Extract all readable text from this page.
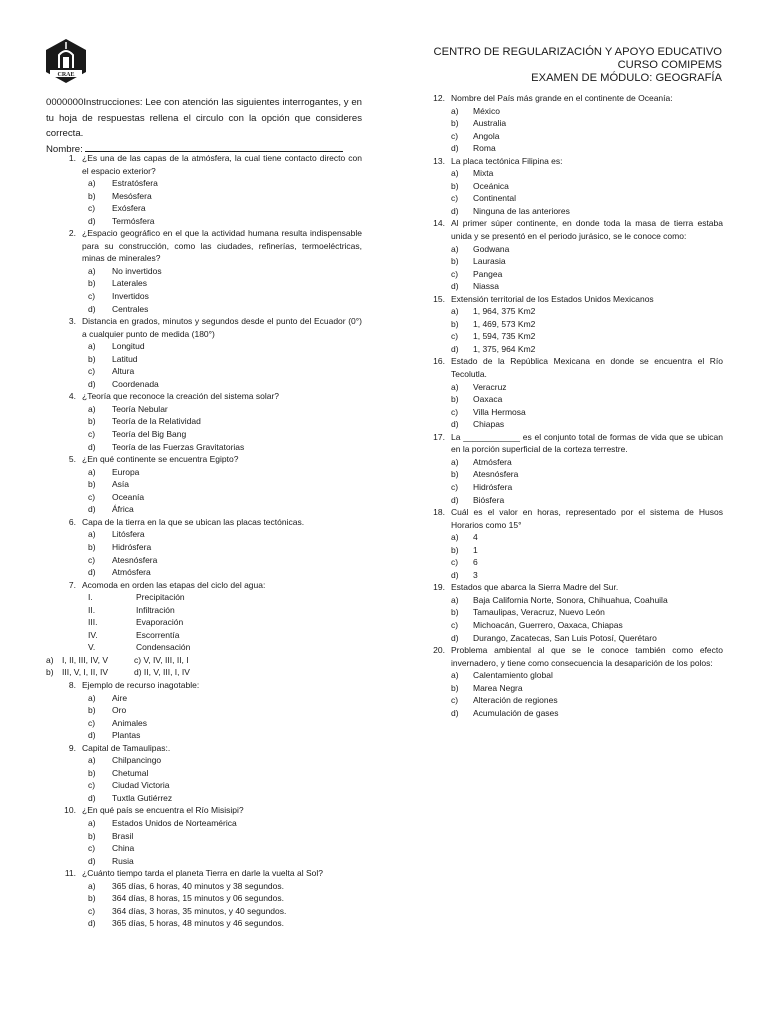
CRAE
CENTRO DE REGULARIZACIÓN Y APOYO EDUCATIVO
CURSO COMIPEMS
EXAMEN DE MÓDULO: GEOGRAFÍA
0000000Instrucciones: Lee con atención las siguientes interrogantes, y en tu hoja de respuestas rellena el circulo con la opción que consideres correcta.
Nombre:
1. ¿Es una de las capas de la atmósfera, la cual tiene contacto directo con el espacio exterior?
a)	Estratósfera
b)	Mesósfera
c)	Exósfera
d)	Termósfera
2. ¿Espacio geográfico en el que la actividad humana resulta indispensable para su construcción, como las ciudades, refinerías, termoeléctricas, minas de minerales?
a)	No invertidos
b)	Laterales
c)	Invertidos
d)	Centrales
3. Distancia en grados, minutos y segundos desde el punto del Ecuador (0°) a cualquier punto de medida (180°)
a)	Longitud
b)	Latitud
c)	Altura
d)	Coordenada
4. ¿Teoría que reconoce la creación del sistema solar?
a)	Teoría Nebular
b)	Teoría de la Relatividad
c)	Teoría del Big Bang
d)	Teoría de las Fuerzas Gravitatorias
5. ¿En qué continente se encuentra Egipto?
a)	Europa
b)	Asía
c)	Oceanía
d)	África
6. Capa de la tierra en la que se ubican las placas tectónicas.
a)	Litósfera
b)	Hidrósfera
c)	Atesnósfera
d)	Atmósfera
7. Acomoda en orden las etapas del ciclo del agua:
I.	Precipitación
II.	Infiltración
III.	Evaporación
IV.	Escorrentía
V.	Condensación
a) I, II, III, IV, V	c) V, IV, III, II, I
b) III, V, I, II, IV	d) II, V, III, I, IV
8. Ejemplo de recurso inagotable:
a)	Aire
b)	Oro
c)	Animales
d)	Plantas
9. Capital de Tamaulipas:.
a)	Chilpancingo
b)	Chetumal
c)	Ciudad Victoria
d)	Tuxtla Gutiérrez
10. ¿En qué país se encuentra el Río Misisipi?
a)	Estados Unidos de Norteamérica
b)	Brasil
c)	China
d)	Rusia
11. ¿Cuánto tiempo tarda el planeta Tierra en darle la vuelta al Sol?
a)	365 días, 6 horas, 40 minutos y 38 segundos.
b)	364 días, 8 horas, 15 minutos y 06 segundos.
c)	364 días, 3 horas, 35 minutos, y 40 segundos.
d)	365 días, 5 horas, 48 minutos y 46 segundos.
12. Nombre del País más grande en el continente de Oceanía:
a)	México
b)	Australia
c)	Angola
d)	Roma
13. La placa tectónica Filipina es:
a)	Mixta
b)	Oceánica
c)	Continental
d)	Ninguna de las anteriores
14. Al primer súper continente, en donde toda la masa de tierra estaba unida y se presentó en el periodo jurásico, se le conoce como:
a)	Godwana
b)	Laurasia
c)	Pangea
d)	Niassa
15. Extensión territorial de los Estados Unidos Mexicanos
a)	1, 964, 375 Km2
b)	1, 469, 573 Km2
c)	1, 594, 735 Km2
d)	1, 375, 964 Km2
16. Estado de la República Mexicana en donde se encuentra el Río Tecolutla.
a)	Veracruz
b)	Oaxaca
c)	Villa Hermosa
d)	Chiapas
17. La ____________ es el conjunto total de formas de vida que se ubican en la porción superficial de la corteza terrestre.
a)	Atmósfera
b)	Atesnósfera
c)	Hidrósfera
d)	Biósfera
18. Cuál es el valor en horas, representado por el sistema de Husos Horarios como 15°
a)	4
b)	1
c)	6
d)	3
19. Estados que abarca la Sierra Madre del Sur.
a)	Baja California Norte, Sonora, Chihuahua, Coahuila
b)	Tamaulipas, Veracruz, Nuevo León
c)	Michoacán, Guerrero, Oaxaca, Chiapas
d)	Durango, Zacatecas, San Luis Potosí, Querétaro
20. Problema ambiental al que se le conoce también como efecto invernadero, y tiene como consecuencia la desaparición de los polos:
a)	Calentamiento global
b)	Marea Negra
c)	Alteración de regiones
d)	Acumulación de gases
